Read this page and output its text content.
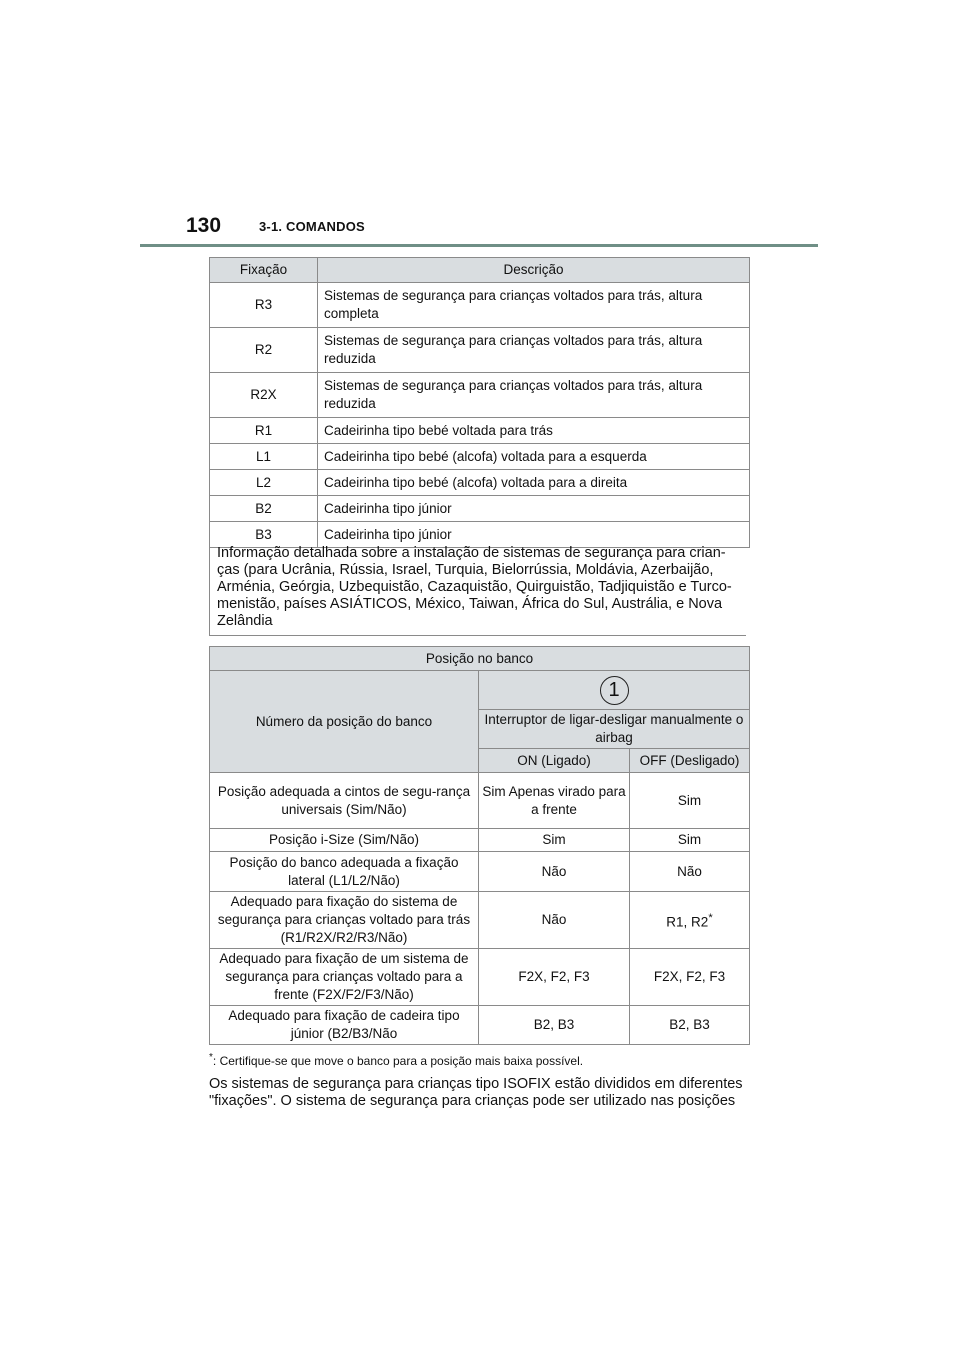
130	3-1. COMANDOS
Fixação	Descrição
R3	Sistemas de segurança para crianças voltados para trás, altura completa
R2	Sistemas de segurança para crianças voltados para trás, altura reduzida
R2X	Sistemas de segurança para crianças voltados para trás, altura reduzida
R1	Cadeirinha tipo bebé voltada para trás
L1	Cadeirinha tipo bebé (alcofa) voltada para a esquerda
L2	Cadeirinha tipo bebé (alcofa) voltada para a direita
B2	Cadeirinha tipo júnior
B3	Cadeirinha tipo júnior

Informação detalhada sobre a instalação de sistemas de segurança para crian-ças (para Ucrânia, Rússia, Israel, Turquia, Bielorrússia, Moldávia, Azerbaijão, Arménia, Geórgia, Uzbequistão, Cazaquistão, Quirguistão, Tadjiquistão e Turco-menistão, países ASIÁTICOS, México, Taiwan, África do Sul, Austrália, e Nova Zelândia

Posição no banco		
Número da posição do banco	1	
	Interruptor de ligar-desligar manualmente o airbag	
	ON (Ligado)	OFF (Desligado)
Posição adequada a cintos de segu-rança universais (Sim/Não)	Sim Apenas virado para a frente	Sim
Posição i-Size (Sim/Não)	Sim	Sim
Posição do banco adequada a fixação lateral (L1/L2/Não)	Não	Não
Adequado para fixação do sistema de segurança para crianças voltado para trás (R1/R2X/R2/R3/Não)	Não	R1, R2*
Adequado para fixação de um sistema de segurança para crianças voltado para a frente (F2X/F2/F3/Não)	F2X, F2, F3	F2X, F2, F3
Adequado para fixação de cadeira tipo júnior (B2/B3/Não	B2, B3	B2, B3
*: Certifique-se que move o banco para a posição mais baixa possível.

Os sistemas de segurança para crianças tipo ISOFIX estão divididos em diferentes "fixações". O sistema de segurança para crianças pode ser utilizado nas posições
